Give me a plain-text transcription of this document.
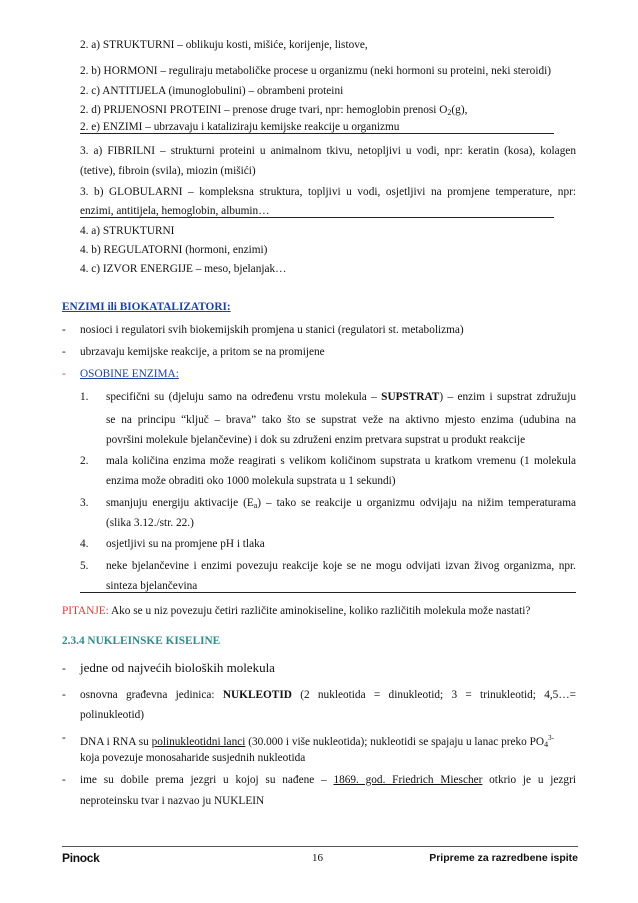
2. a) STRUKTURNI – oblikuju kosti, mišiće, korijenje, listove,
2. b) HORMONI – reguliraju metaboličke procese u organizmu (neki hormoni su proteini, neki steroidi)
2. c) ANTITIJELA (imunoglobulini) – obrambeni proteini
2. d) PRIJENOSNI PROTEINI – prenose druge tvari, npr: hemoglobin prenosi $O_2(g)$,
2. e) ENZIMI – ubrzavaju i kataliziraju kemijske reakcije u organizmu
3. a) FIBRILNI – strukturni proteini u animalnom tkivu, netopljivi u vodi, npr: keratin (kosa), kolagen
(tetive), fibroin (svila), miozin (mišići)
3. b) GLOBULARNI – kompleksna struktura, topljivi u vodi, osjetljivi na promjene temperature, npr:
enzimi, antitijela, hemoglobin, albumin…
4. a) STRUKTURNI
4. b) REGULATORNI (hormoni, enzimi)
4. c) IZVOR ENERGIJE – meso, bjelanjak…
ENZIMI ili BIOKATALIZATORI:
- nosioci i regulatori svih biokemijskih promjena u stanici (regulatori st. metabolizma)
- ubrzavaju kemijske reakcije, a pritom se na promijene
- OSOBINE ENZIMA:
1. specifični su (djeluju samo na određenu vrstu molekula – SUPSTRAT) – enzim i supstrat združuju
se na principu “ključ – brava” tako što se supstrat veže na aktivno mjesto enzima (udubina na
površini molekule bjelančevine) i dok su združeni enzim pretvara supstrat u produkt reakcije
2. mala količina enzima može reagirati s velikom količinom supstrata u kratkom vremenu (1 molekula
enzima može obraditi oko 1000 molekula supstrata u 1 sekundi)
3. smanjuju energiju aktivacije $(E_a)$ – tako se reakcije u organizmu odvijaju na nižim temperaturama
(slika 3.12./str. 22.)
4. osjetljivi su na promjene pH i tlaka
5. neke bjelančevine i enzimi povezuju reakcije koje se ne mogu odvijati izvan živog organizma, npr.
sinteza bjelančevina
PITANJE: Ako se u niz povezuju četiri različite aminokiseline, koliko različitih molekula može nastati?
2.3.4 NUKLEINSKE KISELINE
- jedne od najvećih bioloških molekula
- osnovna građevna jedinica: NUKLEOTID (2 nukleotida = dinukleotid; 3 = trinukleotid; 4,5…=
polinukleotid)
- DNA i RNA su polinukleotidni lanci (30.000 i više nukleotida); nukleotidi se spajaju u lanac preko $PO_4^{3-}$
koja povezuje monosaharide susjednih nukleotida
- ime su dobile prema jezgri u kojoj su nađene – 1869. god. Friedrich Miescher otkrio je u jezgri
neproteinsku tvar i nazvao ju NUKLEIN
Pinock	16	Pripreme za razredbene ispite
